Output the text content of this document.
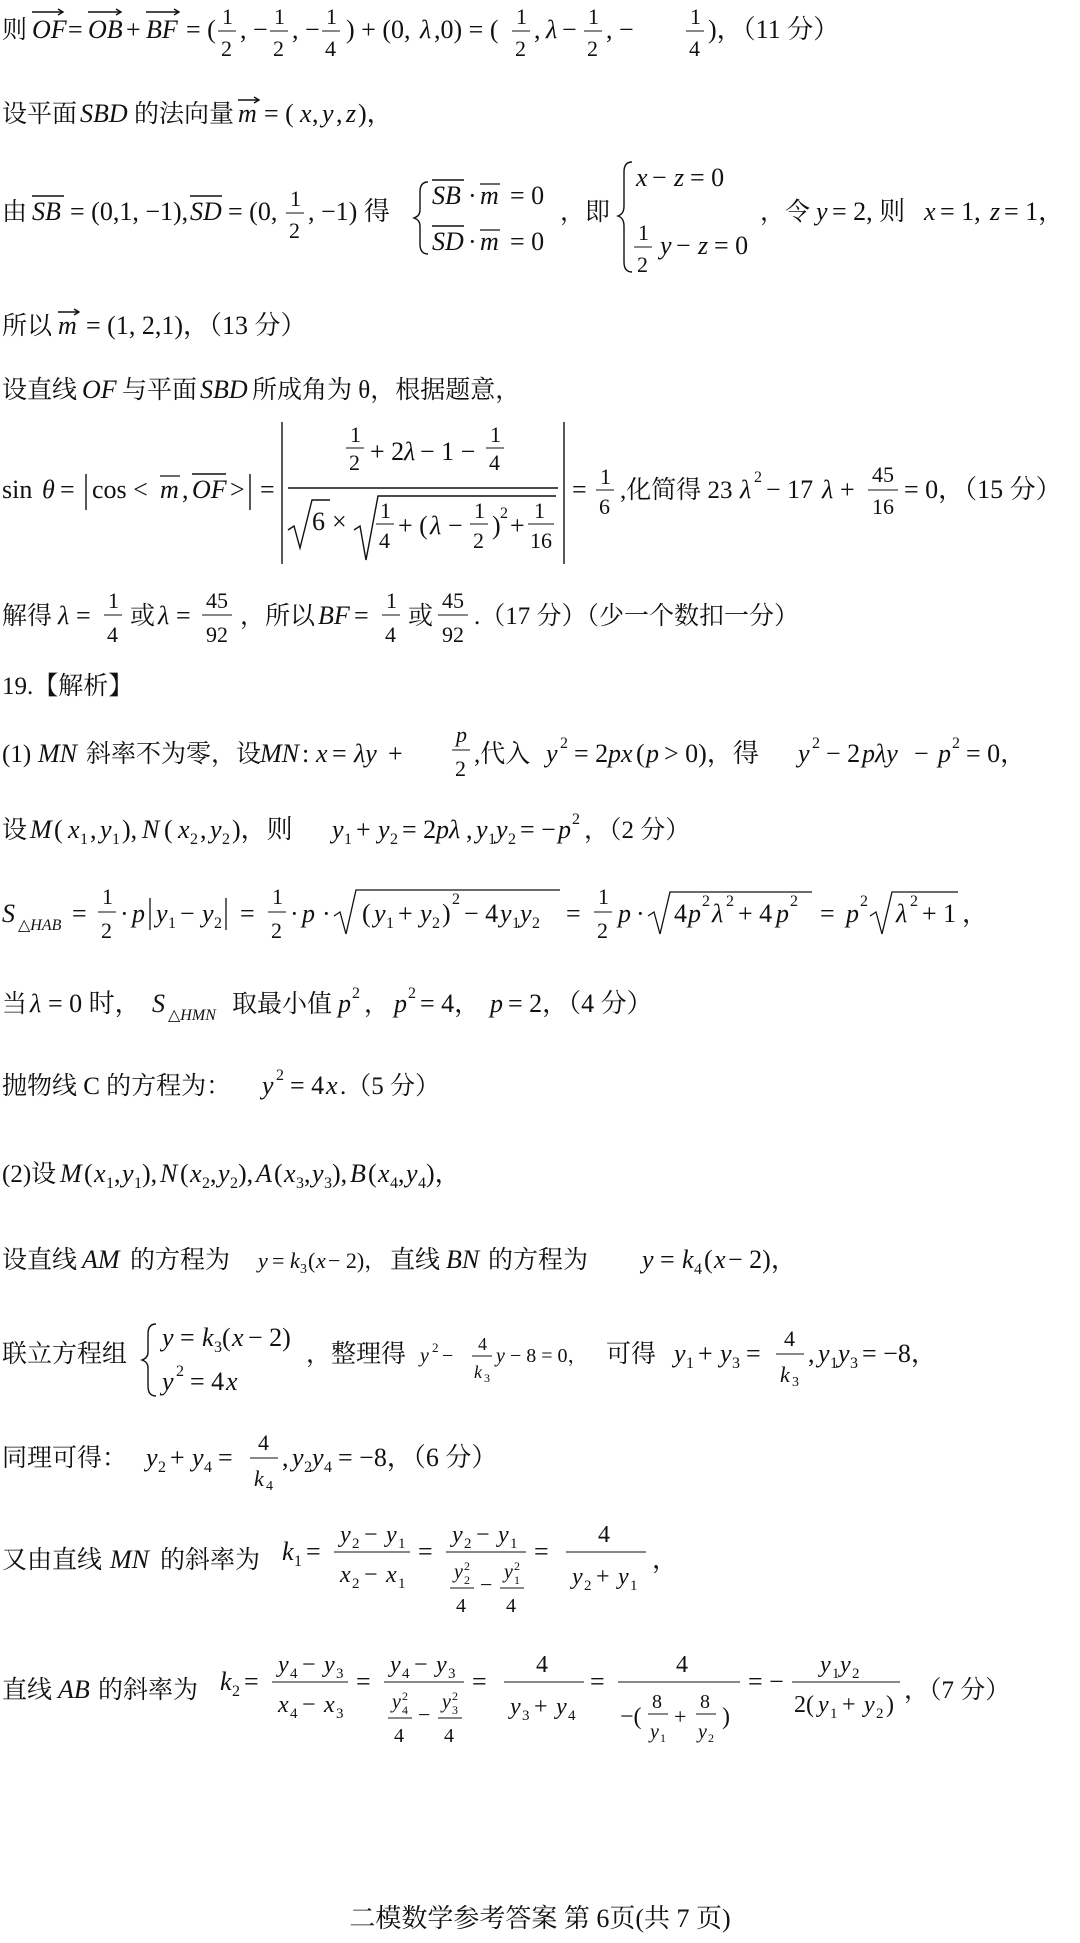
则 OF = OB + BF = ( 1
2
, − 1
2
, − 1
4
) + (0, λ ,0) = ( 1
2
, λ − 1
2
, −	1
4
)，（11 分）
设平面 SBD 的法向量 m = ( x , y , z )，
由 SB = (0,1, −1), SD = (0, 1
2
, −1) 得
SB · m = 0
SD · m = 0
，即
x − z = 0
1
2
y − z = 0
，令 y = 2, 则 x = 1, z = 1，
所以 m = (1, 2,1)，（13 分）
设直线 OF 与平面 SBD 所成角为 θ，根据题意，
sin θ = cos < m , OF > =
1
2 + 2 λ − 1 −
1
4
6 × 1
4
+ ( λ −
1
2
) 2 +
1
16
= 1
6
,化简得 23 λ 2 − 17 λ +
45
16
= 0，（15 分）
解得 λ =
1
4
或 λ =
45
92
，所以 BF =
1
4
或
45
92
.（17 分）（少一个数扣一分）
19.【解析】
(1) MN 斜率不为零，设
MN : x = λy +
p
2
,代入 y 2 = 2 px ( p > 0)，得 y 2 − 2 pλy − p 2 = 0，
设 M ( x 1 , y 1 ), N ( x 2 , y 2 )，则 y 1 + y 2 = 2 pλ , y 1 y 2 = − p 2 ，（2 分）
S △HAB =
1
2
· p y 1 − y 2 =
1
2
· p · ( y 1 + y 2 ) 2 − 4 y 1 y 2 =
1
2
p · 4 p 2 λ 2 + 4 p 2 = p 2 λ 2 + 1 ，
当 λ = 0 时， S △HMN 取最小值 p 2 ， p 2 = 4， p = 2，（4 分）
抛物线 C 的方程为： y 2 = 4 x .（5 分）
(2)设 M ( x 1 , y 1 ), N ( x 2 , y 2 ), A ( x 3 , y 3 ), B ( x 4 , y 4 )，
设直线 AM 的方程为 y = k 3 ( x − 2)， 直线 BN 的方程为 y = k 4 ( x − 2)，
联立方程组
y = k 3 ( x − 2)
y 2 = 4 x
，整理得 y 2 −
4
k 3
y − 8 = 0， 可得 y 1 + y 3 =
4
k 3
, y 1 y 3 = −8，
同理可得： y 2 + y 4 =
4
k 4
, y 2 y 4 = −8，（6 分）
又由直线 MN 的斜率为 k 1 =
y 2 − y 1
x 2 − x 1
=
y 2 − y 1
y 2
2
4
− y 2
1
4
=
4
y 2 + y 1
，
直线 AB 的斜率为 k 2 =
y 4 − y 3
x 4 − x 3
=
y 4 − y 3
y 2
4
4
− y 2
3
4
=
4
y 3 + y 4
=
4
−(
8
y 1
+
8
y 2
)
= −
y 1 y 2
2( y 1 + y 2 )
，（7 分）
二模数学参考答案 第 6页(共 7 页)
